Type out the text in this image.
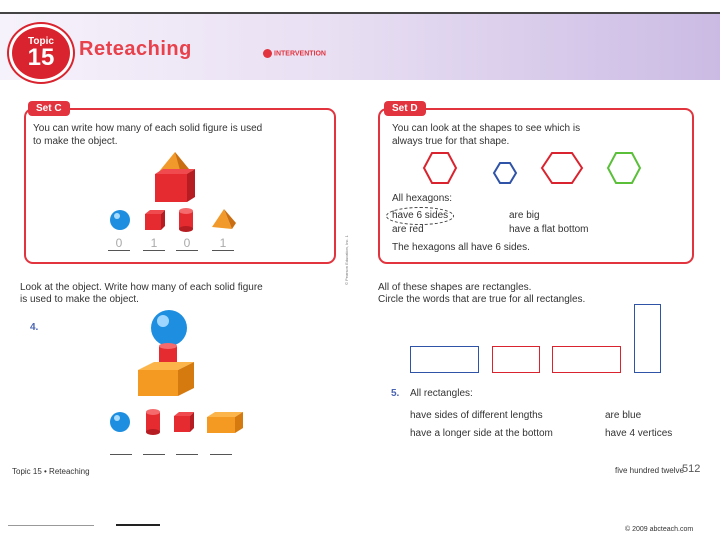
Topic
15	Reteaching	INTERVENTION
Set C
You can write how many of each solid figure is used
to make the object.
0	1	0	1	© Pearson Education, Inc. 1
Set D
You can look at the shapes to see which is
always true for that shape.
All hexagons:
have 6 sides	are big
are red	have a flat bottom
The hexagons all have 6 sides.
Look at the object. Write how many of each solid figure
is used to make the object.
4.
All of these shapes are rectangles.
Circle the words that are true for all rectangles.
5. All rectangles:
have sides of different lengths	are blue
have a longer side at the bottom	have 4 vertices
Topic 15 • Reteaching	five hundred twelve
512
© 2009 abcteach.com
